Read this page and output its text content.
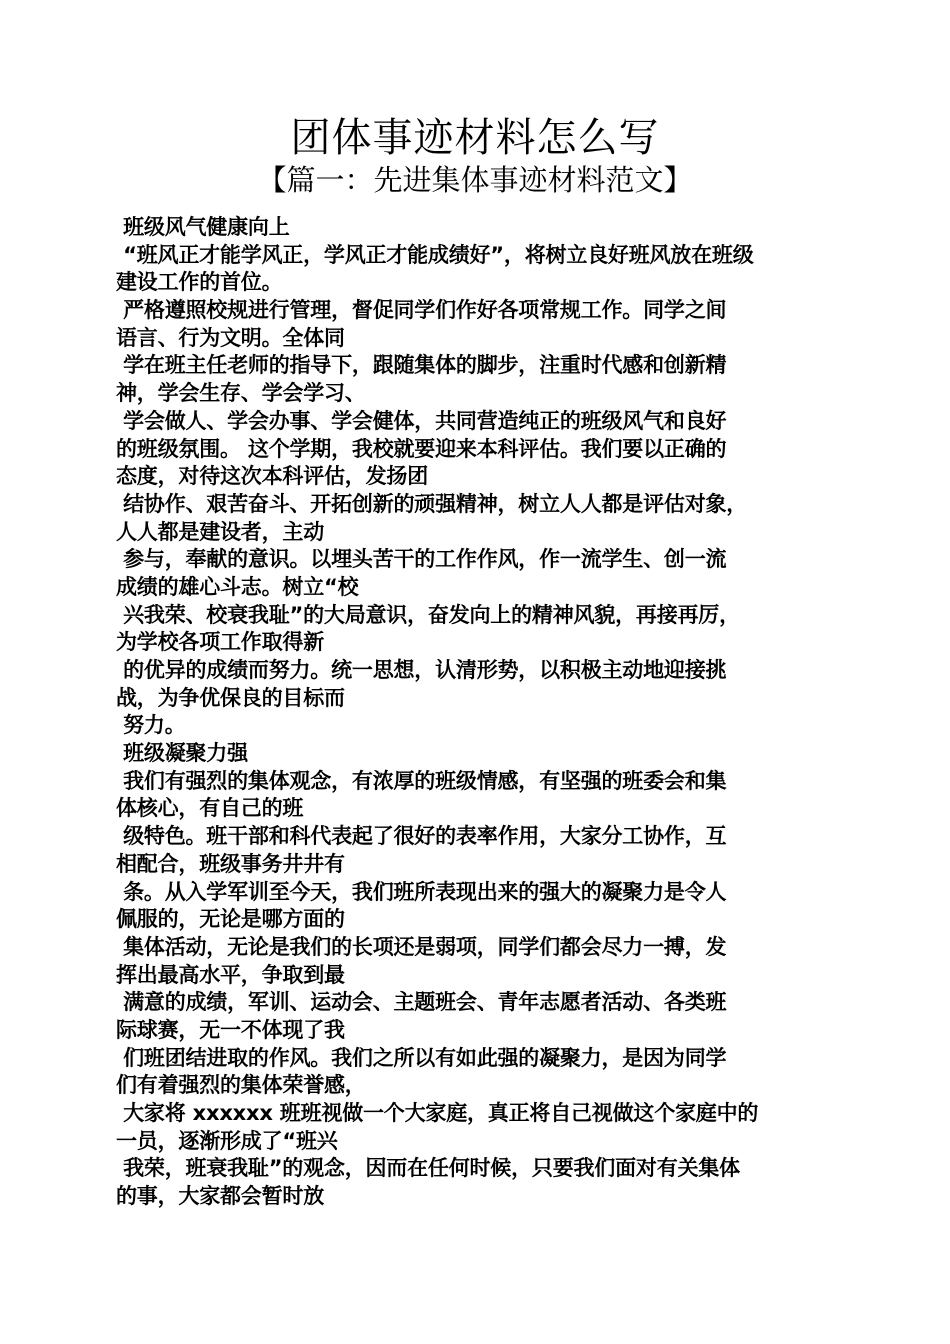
团体事迹材料怎么写
【篇一：先进集体事迹材料范文】
班级风气健康向上
“班风正才能学风正，学风正才能成绩好”，将树立良好班风放在班级
建设工作的首位。
严格遵照校规进行管理，督促同学们作好各项常规工作。同学之间
语言、行为文明。全体同
学在班主任老师的指导下，跟随集体的脚步，注重时代感和创新精
神，学会生存、学会学习、
学会做人、学会办事、学会健体，共同营造纯正的班级风气和良好
的班级氛围。 这个学期，我校就要迎来本科评估。我们要以正确的
态度，对待这次本科评估，发扬团
结协作、艰苦奋斗、开拓创新的顽强精神，树立人人都是评估对象，
人人都是建设者，主动
参与，奉献的意识。以埋头苦干的工作作风，作一流学生、创一流
成绩的雄心斗志。树立“校
兴我荣、校衰我耻”的大局意识，奋发向上的精神风貌，再接再厉，
为学校各项工作取得新
的优异的成绩而努力。统一思想，认清形势，以积极主动地迎接挑
战，为争优保良的目标而
努力。
班级凝聚力强
我们有强烈的集体观念，有浓厚的班级情感，有坚强的班委会和集
体核心，有自己的班
级特色。班干部和科代表起了很好的表率作用，大家分工协作，互
相配合，班级事务井井有
条。从入学军训至今天，我们班所表现出来的强大的凝聚力是令人
佩服的，无论是哪方面的
集体活动，无论是我们的长项还是弱项，同学们都会尽力一搏，发
挥出最高水平，争取到最
满意的成绩，军训、运动会、主题班会、青年志愿者活动、各类班
际球赛，无一不体现了我
们班团结进取的作风。我们之所以有如此强的凝聚力，是因为同学
们有着强烈的集体荣誉感，
大家将 xxxxxx 班班视做一个大家庭，真正将自己视做这个家庭中的
一员，逐渐形成了“班兴
我荣，班衰我耻”的观念，因而在任何时候，只要我们面对有关集体
的事，大家都会暂时放
